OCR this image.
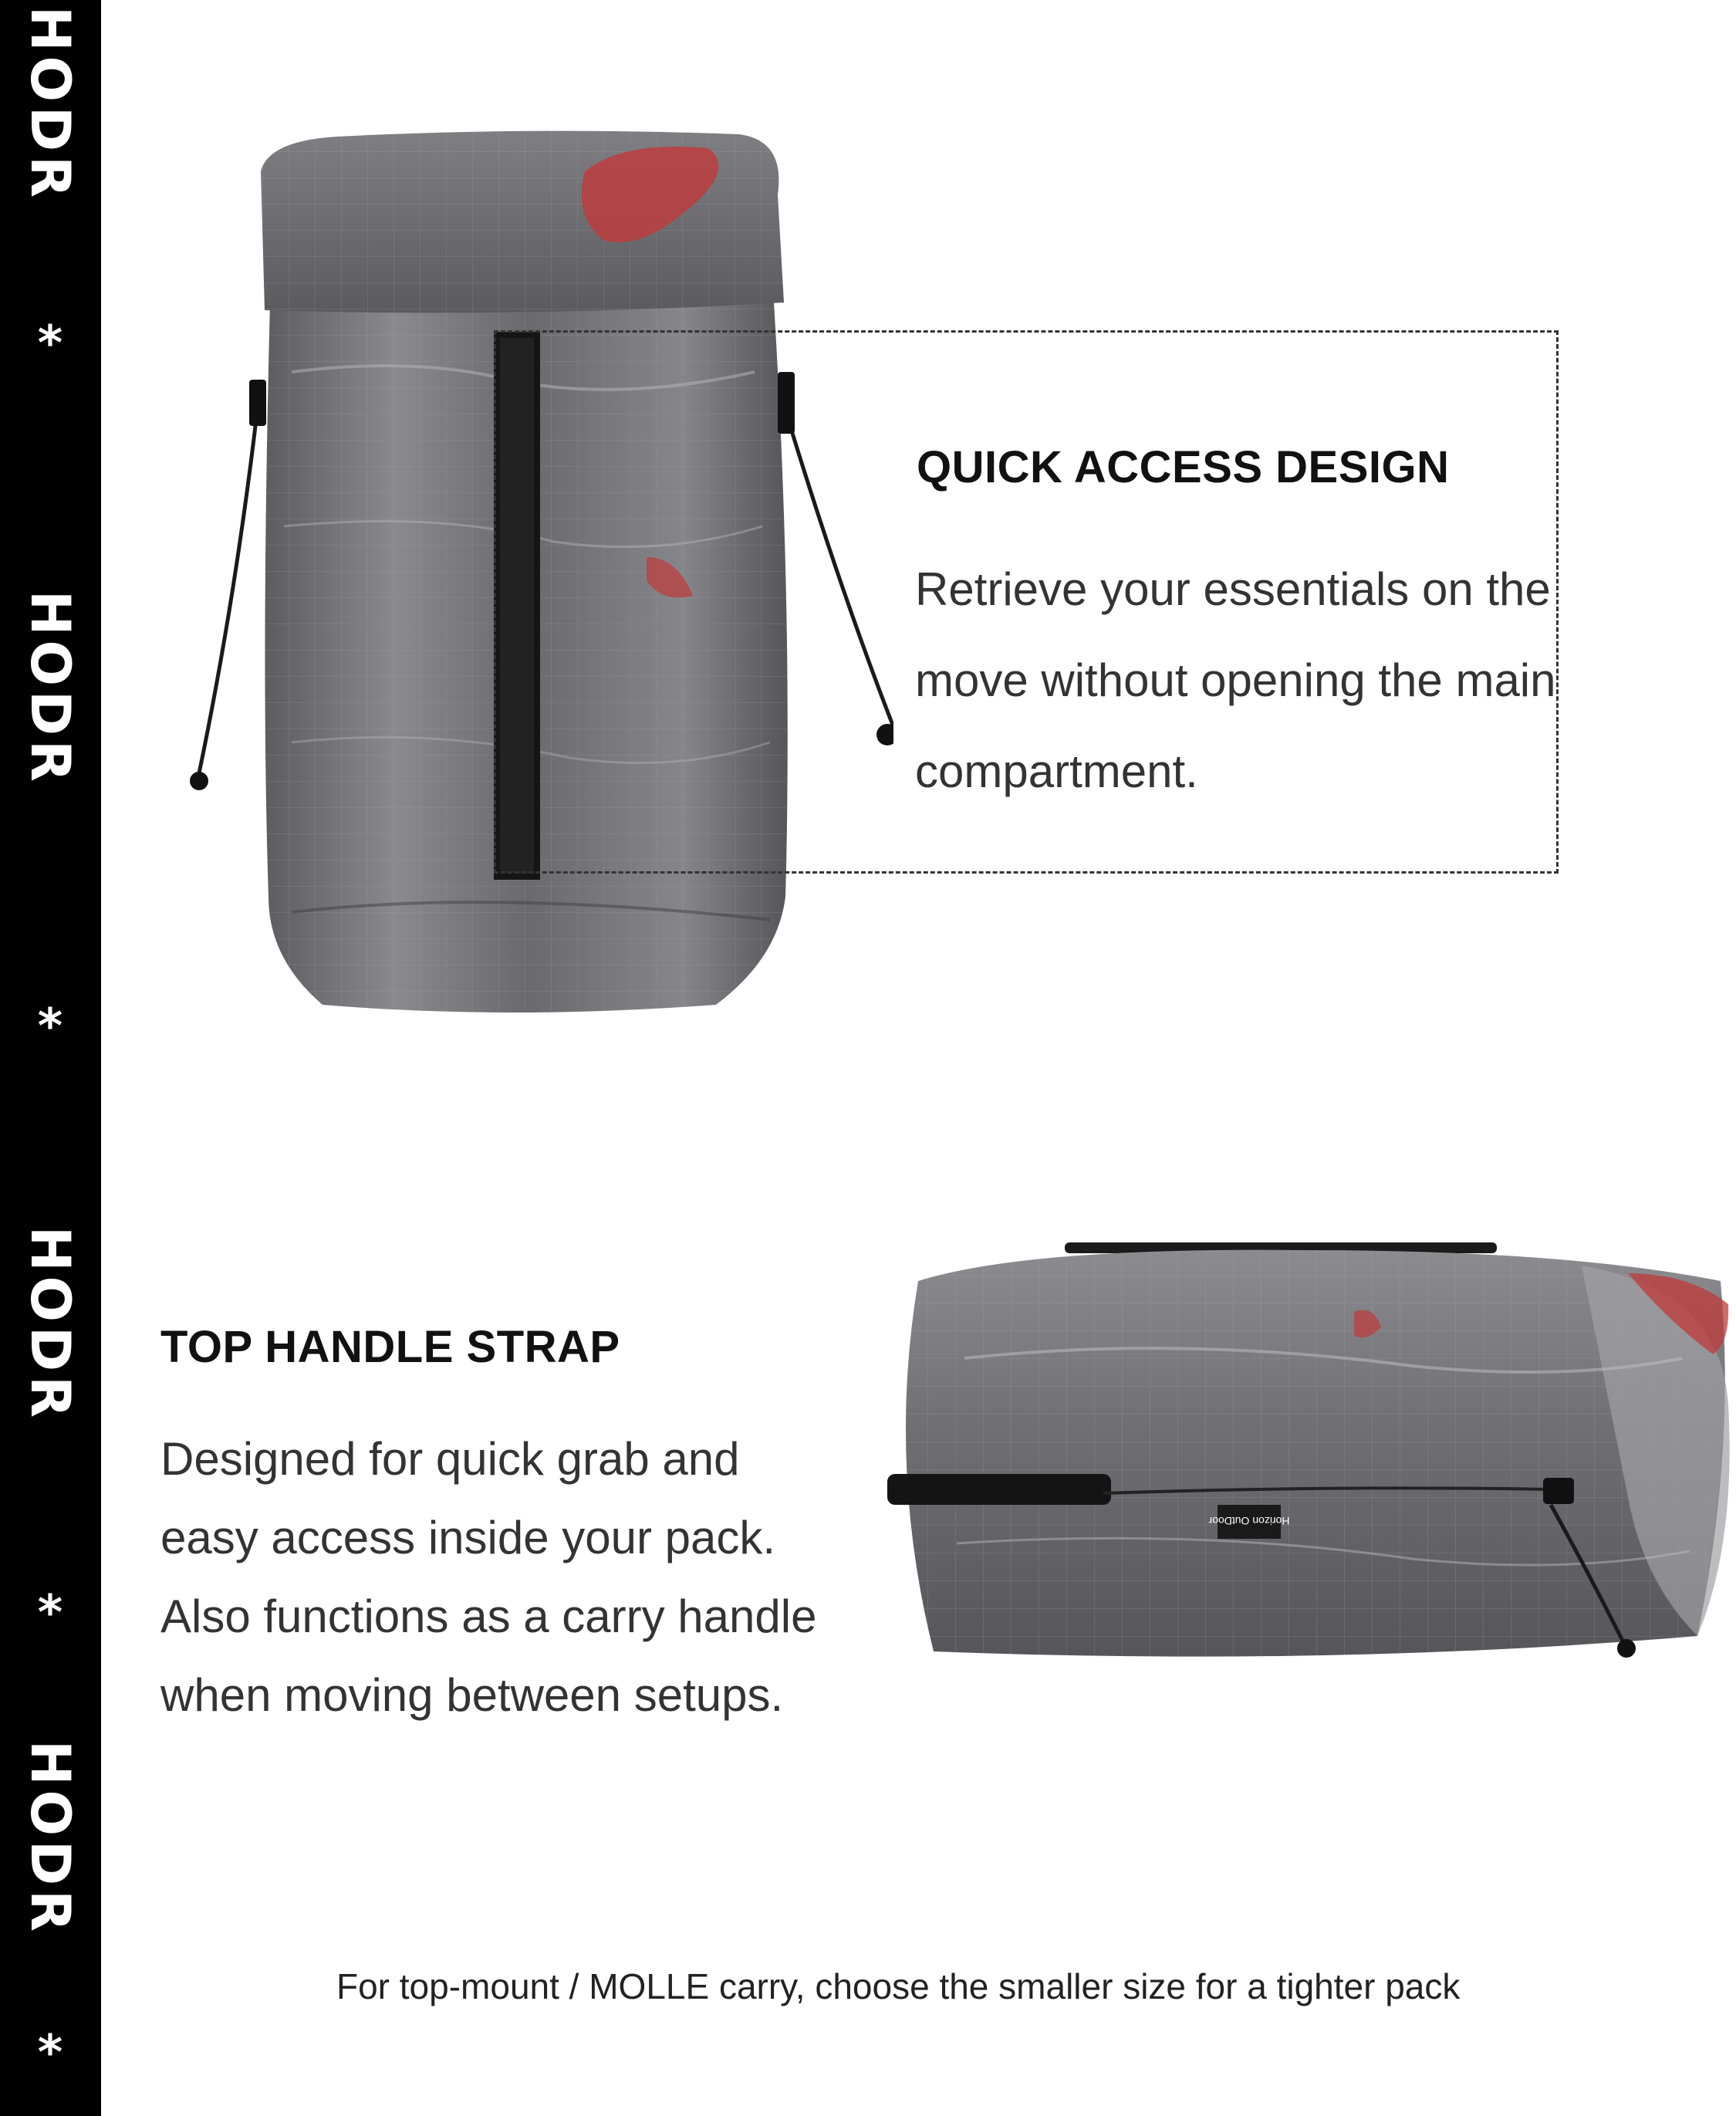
HODR
*
HODR
*
HODR
*
HODR
*
QUICK ACCESS DESIGN

Retrieve your essentials on the move without opening the main compartment.

TOP HANDLE STRAP

Designed for quick grab and easy access inside your pack. Also functions as a carry handle when moving between setups.

Horizon OutDoor
For top-mount / MOLLE carry, choose the smaller size for a tighter pack
